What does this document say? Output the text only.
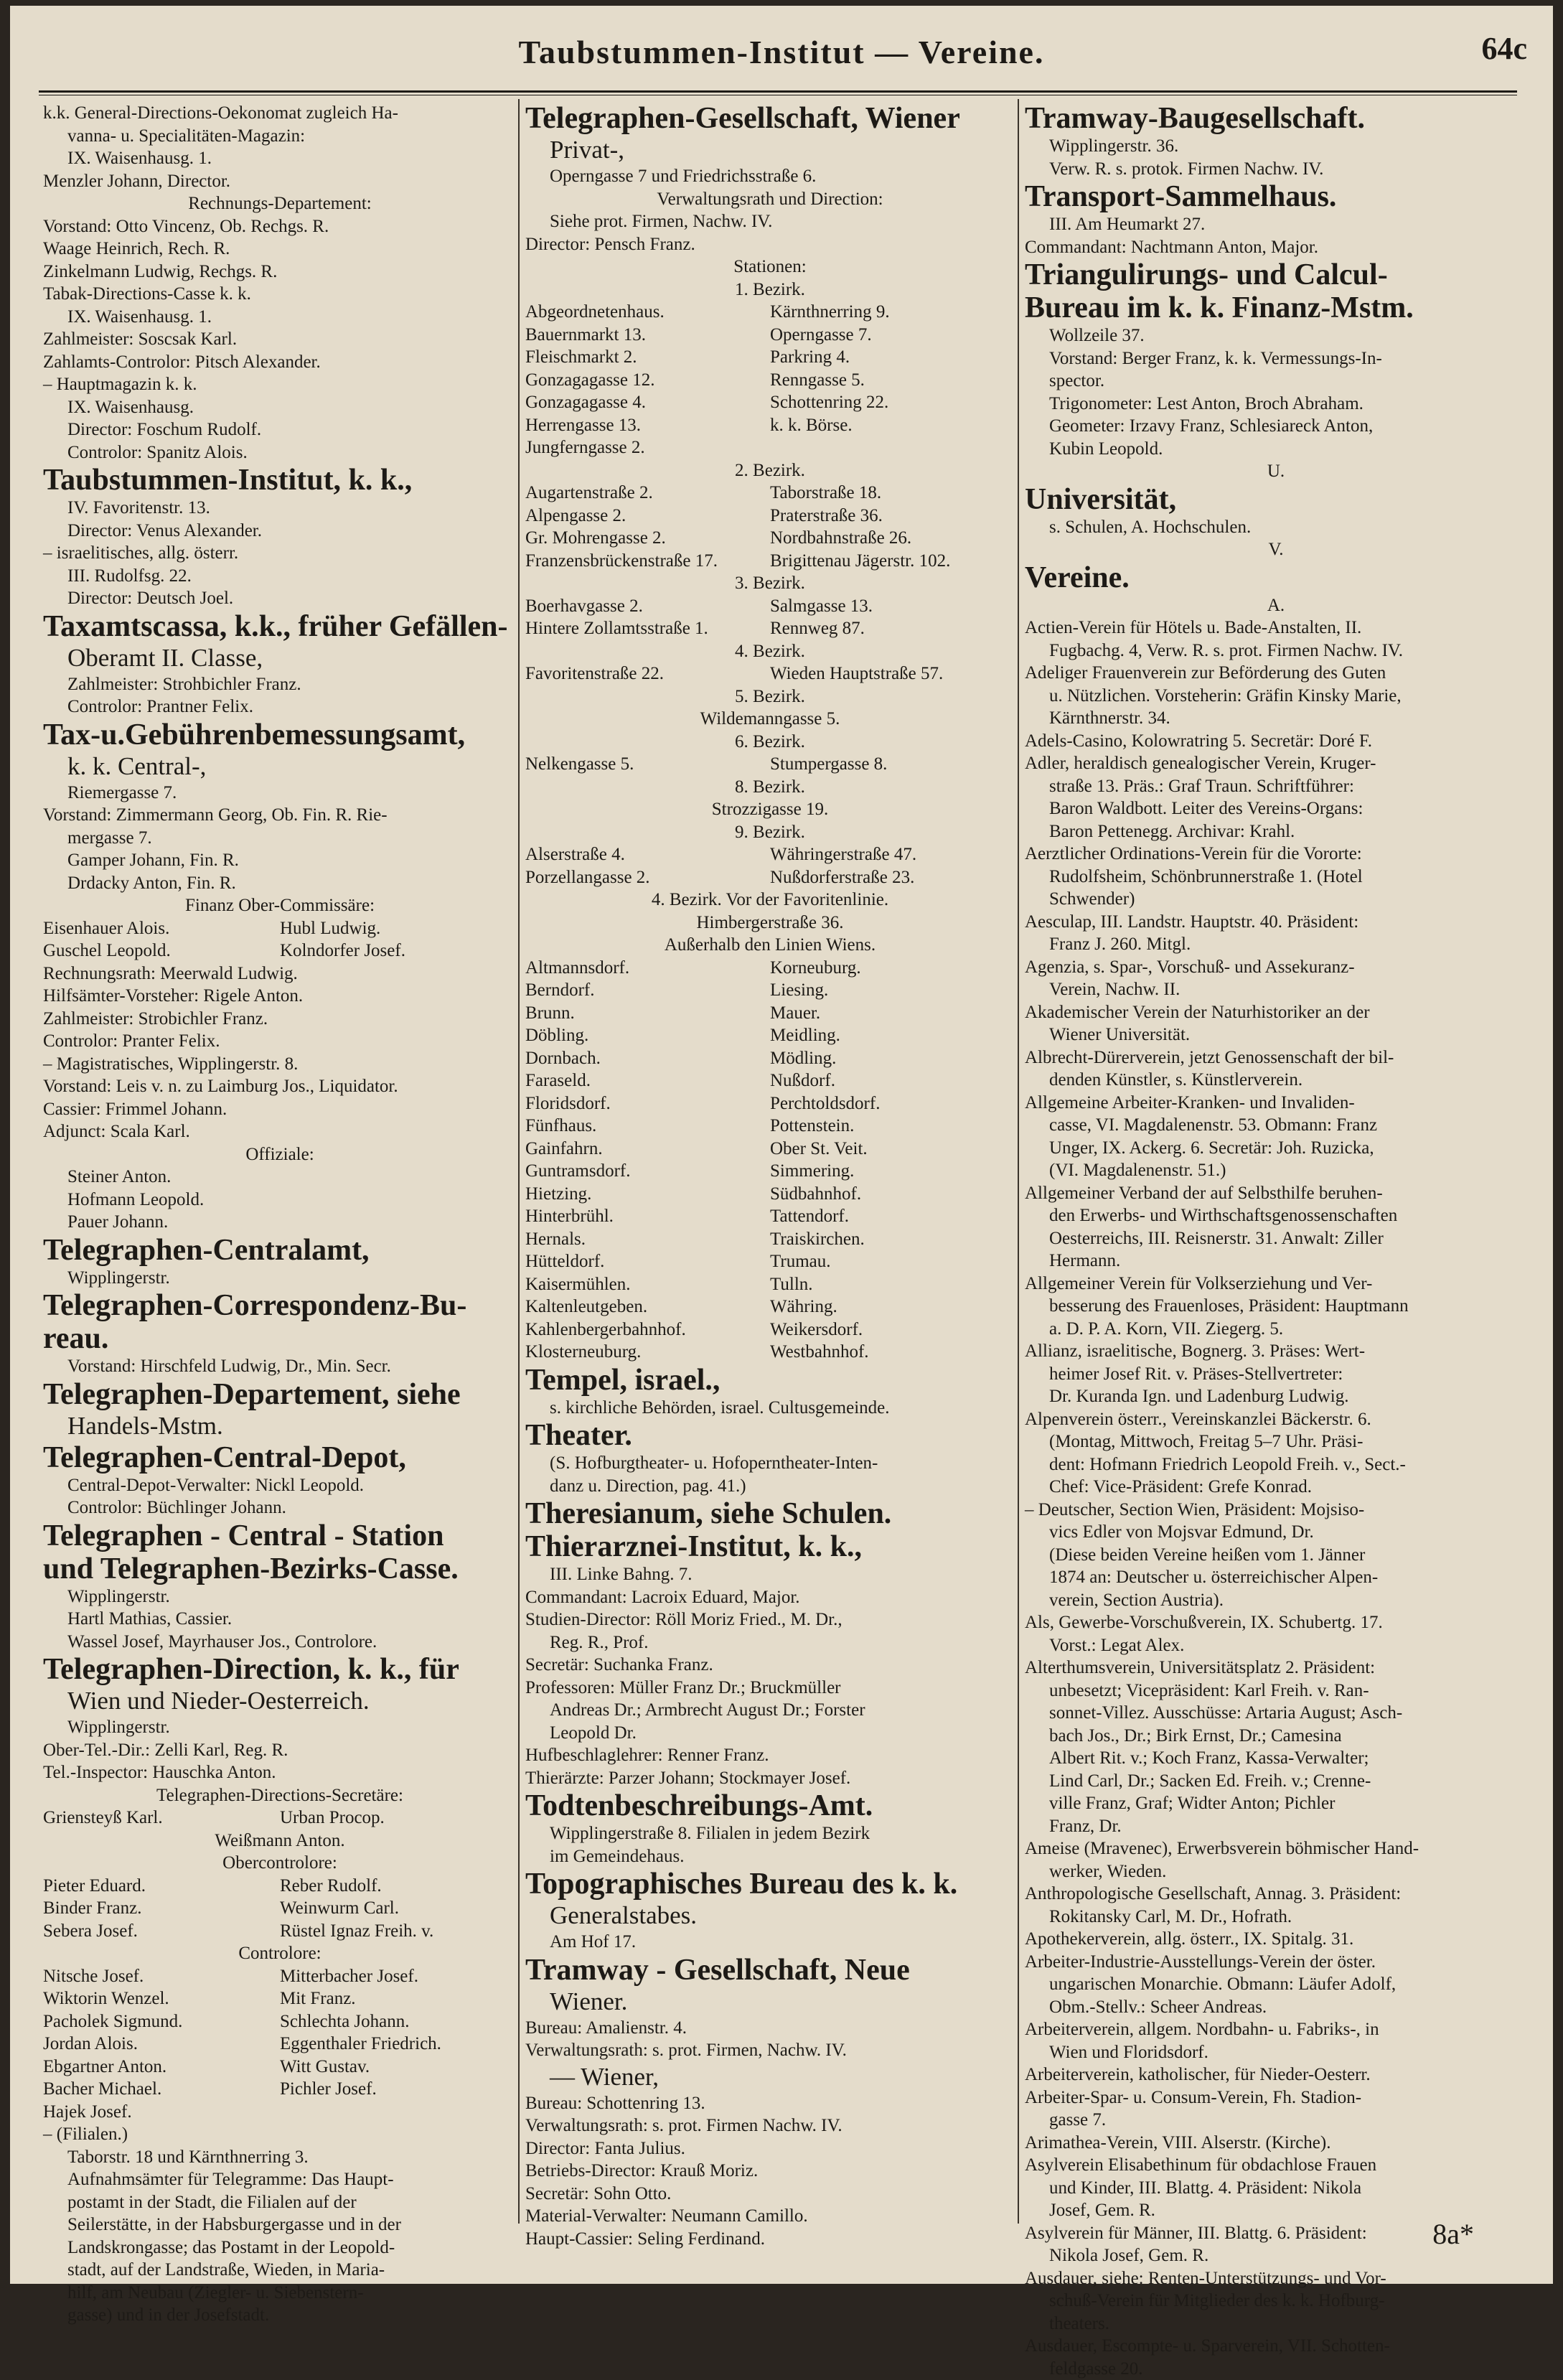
Taubstummen-Institut — Vereine.	64c
k.k. General-Directions-Oekonomat zugleich Ha-
vanna- u. Specialitäten-Magazin:
IX. Waisenhausg. 1.
Menzler Johann, Director.
Rechnungs-Departement:
Vorstand: Otto Vincenz, Ob. Rechgs. R.
Waage Heinrich, Rech. R.
Zinkelmann Ludwig, Rechgs. R.
Tabak-Directions-Casse k. k.
IX. Waisenhausg. 1.
Zahlmeister: Soscsak Karl.
Zahlamts-Controlor: Pitsch Alexander.
– Hauptmagazin k. k.
IX. Waisenhausg.
Director: Foschum Rudolf.
Controlor: Spanitz Alois.
Taubstummen-Institut, k. k.,
IV. Favoritenstr. 13.
Director: Venus Alexander.
– israelitisches, allg. österr.
III. Rudolfsg. 22.
Director: Deutsch Joel.
Taxamtscassa, k.k., früher Gefällen-
Oberamt II. Classe,
Zahlmeister: Strohbichler Franz.
Controlor: Prantner Felix.
Tax-u.Gebührenbemessungsamt,
k. k. Central-,
Riemergasse 7.
Vorstand: Zimmermann Georg, Ob. Fin. R. Rie-
mergasse 7.
Gamper Johann, Fin. R.
Drdacky Anton, Fin. R.
Finanz Ober-Commissäre:
Eisenhauer Alois.	Hubl Ludwig.
Guschel Leopold.	Kolndorfer Josef.
Rechnungsrath: Meerwald Ludwig.
Hilfsämter-Vorsteher: Rigele Anton.
Zahlmeister: Strobichler Franz.
Controlor: Pranter Felix.
– Magistratisches, Wipplingerstr. 8.
Vorstand: Leis v. n. zu Laimburg Jos., Liquidator.
Cassier: Frimmel Johann.
Adjunct: Scala Karl.
Offiziale:
Steiner Anton.
Hofmann Leopold.
Pauer Johann.
Telegraphen-Centralamt,
Wipplingerstr.
Telegraphen-Correspondenz-Bu-
reau.
Vorstand: Hirschfeld Ludwig, Dr., Min. Secr.
Telegraphen-Departement, siehe
Handels-Mstm.
Telegraphen-Central-Depot,
Central-Depot-Verwalter: Nickl Leopold.
Controlor: Büchlinger Johann.
Telegraphen - Central - Station
und Telegraphen-Bezirks-Casse.
Wipplingerstr.
Hartl Mathias, Cassier.
Wassel Josef, Mayrhauser Jos., Controlore.
Telegraphen-Direction, k. k., für
Wien und Nieder-Oesterreich.
Wipplingerstr.
Ober-Tel.-Dir.: Zelli Karl, Reg. R.
Tel.-Inspector: Hauschka Anton.
Telegraphen-Directions-Secretäre:
Griensteyß Karl.	Urban Procop.
Weißmann Anton.
Obercontrolore:
Pieter Eduard.	Reber Rudolf.
Binder Franz.	Weinwurm Carl.
Sebera Josef.	Rüstel Ignaz Freih. v.
Controlore:
Nitsche Josef.	Mitterbacher Josef.
Wiktorin Wenzel.	Mit Franz.
Pacholek Sigmund.	Schlechta Johann.
Jordan Alois.	Eggenthaler Friedrich.
Ebgartner Anton.	Witt Gustav.
Bacher Michael.	Pichler Josef.
Hajek Josef.
– (Filialen.)
Taborstr. 18 und Kärnthnerring 3.
Aufnahmsämter für Telegramme: Das Haupt-
postamt in der Stadt, die Filialen auf der
Seilerstätte, in der Habsburgergasse und in der
Landskrongasse; das Postamt in der Leopold-
stadt, auf der Landstraße, Wieden, in Maria-
hilf, am Neubau (Ziegler- u. Siebenstern-
gasse) und in der Josefstadt.
Telegraphen-Gesellschaft, Wiener
Privat-,
Operngasse 7 und Friedrichsstraße 6.
Verwaltungsrath und Direction:
Siehe prot. Firmen, Nachw. IV.
Director: Pensch Franz.
Stationen:
1. Bezirk.
Abgeordnetenhaus.	Kärnthnerring 9.
Bauernmarkt 13.	Operngasse 7.
Fleischmarkt 2.	Parkring 4.
Gonzagagasse 12.	Renngasse 5.
Gonzagagasse 4.	Schottenring 22.
Herrengasse 13.	k. k. Börse.
Jungferngasse 2.
2. Bezirk.
Augartenstraße 2.	Taborstraße 18.
Alpengasse 2.	Praterstraße 36.
Gr. Mohrengasse 2.	Nordbahnstraße 26.
Franzensbrückenstraße 17.	Brigittenau Jägerstr. 102.
3. Bezirk.
Boerhavgasse 2.	Salmgasse 13.
Hintere Zollamtsstraße 1.	Rennweg 87.
4. Bezirk.
Favoritenstraße 22.	Wieden Hauptstraße 57.
5. Bezirk.
Wildemanngasse 5.
6. Bezirk.
Nelkengasse 5.	Stumpergasse 8.
8. Bezirk.
Strozzigasse 19.
9. Bezirk.
Alserstraße 4.	Währingerstraße 47.
Porzellangasse 2.	Nußdorferstraße 23.
4. Bezirk. Vor der Favoritenlinie.
Himbergerstraße 36.
Außerhalb den Linien Wiens.
Altmannsdorf.	Korneuburg.
Berndorf.	Liesing.
Brunn.	Mauer.
Döbling.	Meidling.
Dornbach.	Mödling.
Faraseld.	Nußdorf.
Floridsdorf.	Perchtoldsdorf.
Fünfhaus.	Pottenstein.
Gainfahrn.	Ober St. Veit.
Guntramsdorf.	Simmering.
Hietzing.	Südbahnhof.
Hinterbrühl.	Tattendorf.
Hernals.	Traiskirchen.
Hütteldorf.	Trumau.
Kaisermühlen.	Tulln.
Kaltenleutgeben.	Währing.
Kahlenbergerbahnhof.	Weikersdorf.
Klosterneuburg.	Westbahnhof.
Tempel, israel.,
s. kirchliche Behörden, israel. Cultusgemeinde.
Theater.
(S. Hofburgtheater- u. Hofoperntheater-Inten-
danz u. Direction, pag. 41.)
Theresianum, siehe Schulen.
Thierarznei-Institut, k. k.,
III. Linke Bahng. 7.
Commandant: Lacroix Eduard, Major.
Studien-Director: Röll Moriz Fried., M. Dr.,
Reg. R., Prof.
Secretär: Suchanka Franz.
Professoren: Müller Franz Dr.; Bruckmüller
Andreas Dr.; Armbrecht August Dr.; Forster
Leopold Dr.
Hufbeschlaglehrer: Renner Franz.
Thierärzte: Parzer Johann; Stockmayer Josef.
Todtenbeschreibungs-Amt.
Wipplingerstraße 8. Filialen in jedem Bezirk
im Gemeindehaus.
Topographisches Bureau des k. k.
Generalstabes.
Am Hof 17.
Tramway - Gesellschaft, Neue
Wiener.
Bureau: Amalienstr. 4.
Verwaltungsrath: s. prot. Firmen, Nachw. IV.
— Wiener,
Bureau: Schottenring 13.
Verwaltungsrath: s. prot. Firmen Nachw. IV.
Director: Fanta Julius.
Betriebs-Director: Krauß Moriz.
Secretär: Sohn Otto.
Material-Verwalter: Neumann Camillo.
Haupt-Cassier: Seling Ferdinand.
Tramway-Baugesellschaft.
Wipplingerstr. 36.
Verw. R. s. protok. Firmen Nachw. IV.
Transport-Sammelhaus.
III. Am Heumarkt 27.
Commandant: Nachtmann Anton, Major.
Triangulirungs- und Calcul-
Bureau im k. k. Finanz-Mstm.
Wollzeile 37.
Vorstand: Berger Franz, k. k. Vermessungs-In-
spector.
Trigonometer: Lest Anton, Broch Abraham.
Geometer: Irzavy Franz, Schlesiareck Anton,
Kubin Leopold.
U.
Universität,
s. Schulen, A. Hochschulen.
V.
Vereine.
A.
Actien-Verein für Hötels u. Bade-Anstalten, II.
Fugbachg. 4, Verw. R. s. prot. Firmen Nachw. IV.
Adeliger Frauenverein zur Beförderung des Guten
u. Nützlichen. Vorsteherin: Gräfin Kinsky Marie,
Kärnthnerstr. 34.
Adels-Casino, Kolowratring 5. Secretär: Doré F.
Adler, heraldisch genealogischer Verein, Kruger-
straße 13. Präs.: Graf Traun. Schriftführer:
Baron Waldbott. Leiter des Vereins-Organs:
Baron Pettenegg. Archivar: Krahl.
Aerztlicher Ordinations-Verein für die Vororte:
Rudolfsheim, Schönbrunnerstraße 1. (Hotel
Schwender)
Aesculap, III. Landstr. Hauptstr. 40. Präsident:
Franz J. 260. Mitgl.
Agenzia, s. Spar-, Vorschuß- und Assekuranz-
Verein, Nachw. II.
Akademischer Verein der Naturhistoriker an der
Wiener Universität.
Albrecht-Dürerverein, jetzt Genossenschaft der bil-
denden Künstler, s. Künstlerverein.
Allgemeine Arbeiter-Kranken- und Invaliden-
casse, VI. Magdalenenstr. 53. Obmann: Franz
Unger, IX. Ackerg. 6. Secretär: Joh. Ruzicka,
(VI. Magdalenenstr. 51.)
Allgemeiner Verband der auf Selbsthilfe beruhen-
den Erwerbs- und Wirthschaftsgenossenschaften
Oesterreichs, III. Reisnerstr. 31. Anwalt: Ziller
Hermann.
Allgemeiner Verein für Volkserziehung und Ver-
besserung des Frauenloses, Präsident: Hauptmann
a. D. P. A. Korn, VII. Ziegerg. 5.
Allianz, israelitische, Bognerg. 3. Präses: Wert-
heimer Josef Rit. v. Präses-Stellvertreter:
Dr. Kuranda Ign. und Ladenburg Ludwig.
Alpenverein österr., Vereinskanzlei Bäckerstr. 6.
(Montag, Mittwoch, Freitag 5–7 Uhr. Präsi-
dent: Hofmann Friedrich Leopold Freih. v., Sect.-
Chef: Vice-Präsident: Grefe Konrad.
– Deutscher, Section Wien, Präsident: Mojsiso-
vics Edler von Mojsvar Edmund, Dr.
(Diese beiden Vereine heißen vom 1. Jänner
1874 an: Deutscher u. österreichischer Alpen-
verein, Section Austria).
Als, Gewerbe-Vorschußverein, IX. Schubertg. 17.
Vorst.: Legat Alex.
Alterthumsverein, Universitätsplatz 2. Präsident:
unbesetzt; Vicepräsident: Karl Freih. v. Ran-
sonnet-Villez. Ausschüsse: Artaria August; Asch-
bach Jos., Dr.; Birk Ernst, Dr.; Camesina
Albert Rit. v.; Koch Franz, Kassa-Verwalter;
Lind Carl, Dr.; Sacken Ed. Freih. v.; Crenne-
ville Franz, Graf; Widter Anton; Pichler
Franz, Dr.
Ameise (Mravenec), Erwerbsverein böhmischer Hand-
werker, Wieden.
Anthropologische Gesellschaft, Annag. 3. Präsident:
Rokitansky Carl, M. Dr., Hofrath.
Apothekerverein, allg. österr., IX. Spitalg. 31.
Arbeiter-Industrie-Ausstellungs-Verein der öster.
ungarischen Monarchie. Obmann: Läufer Adolf,
Obm.-Stellv.: Scheer Andreas.
Arbeiterverein, allgem. Nordbahn- u. Fabriks-, in
Wien und Floridsdorf.
Arbeiterverein, katholischer, für Nieder-Oesterr.
Arbeiter-Spar- u. Consum-Verein, Fh. Stadion-
gasse 7.
Arimathea-Verein, VIII. Alserstr. (Kirche).
Asylverein Elisabethinum für obdachlose Frauen
und Kinder, III. Blattg. 4. Präsident: Nikola
Josef, Gem. R.
Asylverein für Männer, III. Blattg. 6. Präsident:
Nikola Josef, Gem. R.
Ausdauer, siehe: Renten-Unterstützungs- und Vor-
schuß-Verein für Mitglieder des k. k. Hofburg-
theaters.
Ausdauer, Escompte- u. Sparverein, VII. Schotten-
feldgasse 20.
8a*
